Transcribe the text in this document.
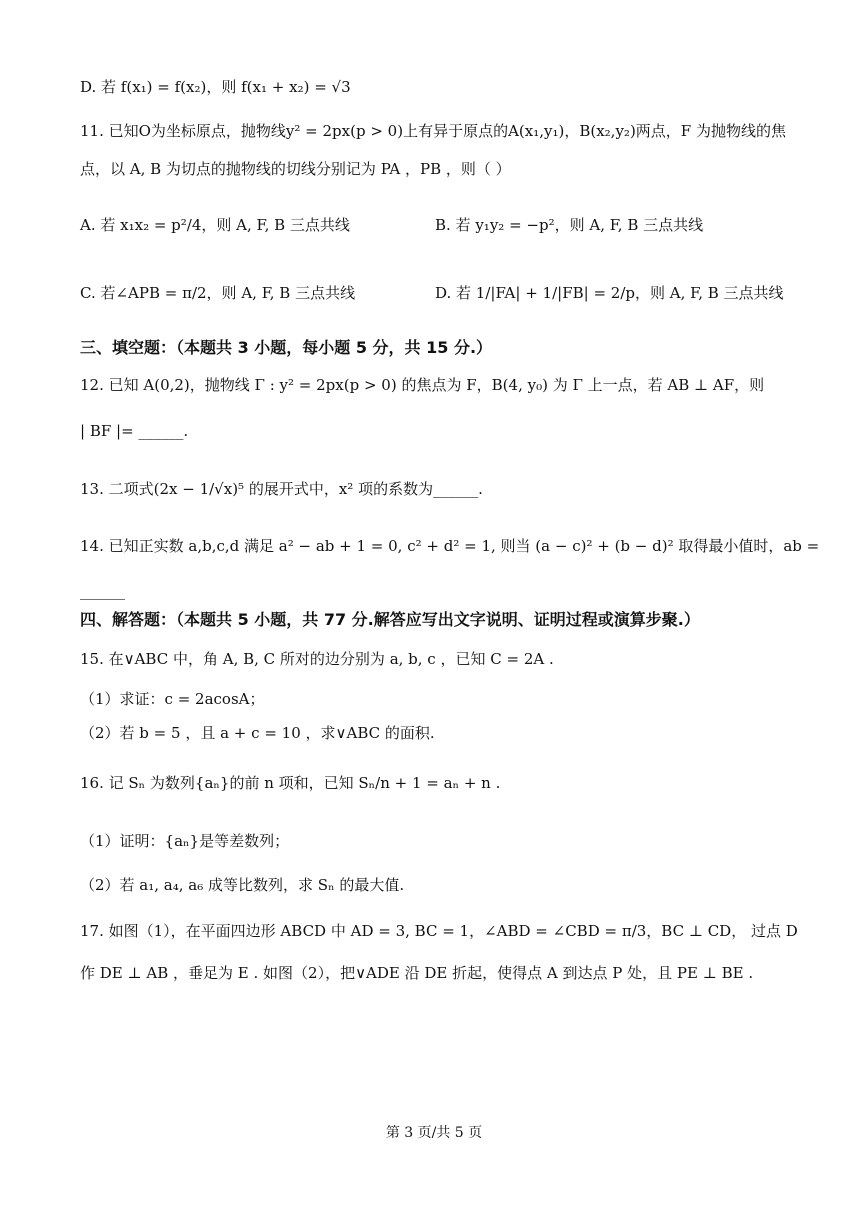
D. 若 f(x₁) = f(x₂)，则 f(x₁ + x₂) = √3
11. 已知O为坐标原点，抛物线y² = 2px(p > 0)上有异于原点的A(x₁,y₁)，B(x₂,y₂)两点，F 为抛物线的焦
点，以 A, B 为切点的抛物线的切线分别记为 PA ，PB ，则（ ）
A. 若 x₁x₂ = p²/4，则 A, F, B 三点共线	B. 若 y₁y₂ = −p²，则 A, F, B 三点共线
C. 若∠APB = π/2，则 A, F, B 三点共线	D. 若 1/|FA| + 1/|FB| = 2/p，则 A, F, B 三点共线
三、填空题：（本题共 3 小题，每小题 5 分，共 15 分.）
12. 已知 A(0,2)，抛物线 Γ : y² = 2px(p > 0) 的焦点为 F，B(4, y₀) 为 Γ 上一点，若 AB ⊥ AF，则
| BF |= ______.
13. 二项式(2x − 1/√x)⁵ 的展开式中，x² 项的系数为______.
14. 已知正实数 a,b,c,d 满足 a² − ab + 1 = 0, c² + d² = 1, 则当 (a − c)² + (b − d)² 取得最小值时，ab =
______
四、解答题：（本题共 5 小题，共 77 分.解答应写出文字说明、证明过程或演算步聚.）
15. 在∨ABC 中，角 A, B, C 所对的边分别为 a, b, c ，已知 C = 2A .
（1）求证：c = 2acosA；
（2）若 b = 5 ，且 a + c = 10 ，求∨ABC 的面积.
16. 记 Sₙ 为数列{aₙ}的前 n 项和，已知 Sₙ/n + 1 = aₙ + n .
（1）证明：{aₙ}是等差数列；
（2）若 a₁, a₄, a₆ 成等比数列，求 Sₙ 的最大值.
17. 如图（1），在平面四边形 ABCD 中 AD = 3, BC = 1，∠ABD = ∠CBD = π/3，BC ⊥ CD， 过点 D
作 DE ⊥ AB ，垂足为 E . 如图（2），把∨ADE 沿 DE 折起，使得点 A 到达点 P 处，且 PE ⊥ BE .
第 3 页/共 5 页
